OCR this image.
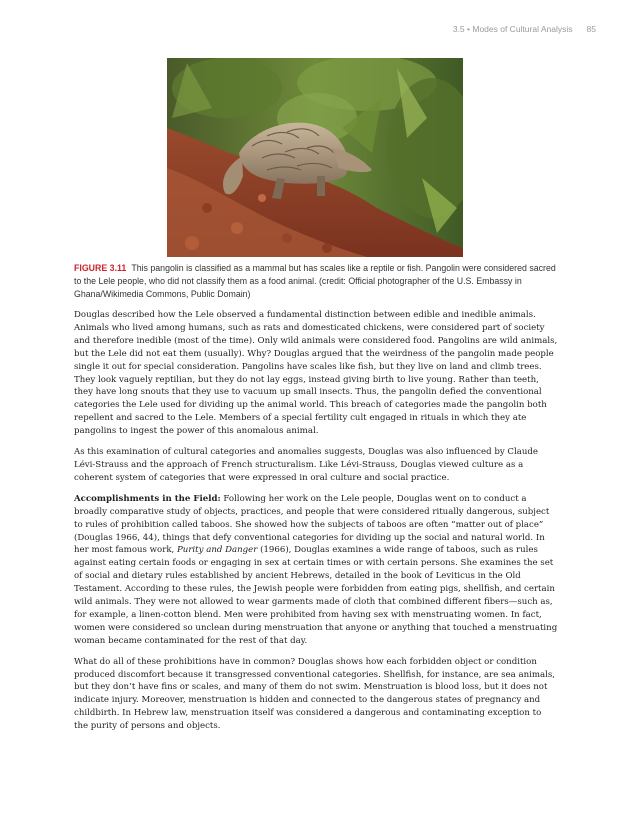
3.5 • Modes of Cultural Analysis 85
FIGURE 3.11 This pangolin is classified as a mammal but has scales like a reptile or fish. Pangolin were considered sacred to the Lele people, who did not classify them as a food animal. (credit: Official photographer of the U.S. Embassy in Ghana/Wikimedia Commons, Public Domain)

Douglas described how the Lele observed a fundamental distinction between edible and inedible animals. Animals who lived among humans, such as rats and domesticated chickens, were considered part of society and therefore inedible (most of the time). Only wild animals were considered food. Pangolins are wild animals, but the Lele did not eat them (usually). Why? Douglas argued that the weirdness of the pangolin made people single it out for special consideration. Pangolins have scales like fish, but they live on land and climb trees. They look vaguely reptilian, but they do not lay eggs, instead giving birth to live young. Rather than teeth, they have long snouts that they use to vacuum up small insects. Thus, the pangolin defied the conventional categories the Lele used for dividing up the animal world. This breach of categories made the pangolin both repellent and sacred to the Lele. Members of a special fertility cult engaged in rituals in which they ate pangolins to ingest the power of this anomalous animal.

As this examination of cultural categories and anomalies suggests, Douglas was also influenced by Claude Lévi-Strauss and the approach of French structuralism. Like Lévi-Strauss, Douglas viewed culture as a coherent system of categories that were expressed in oral culture and social practice.

Accomplishments in the Field: Following her work on the Lele people, Douglas went on to conduct a broadly comparative study of objects, practices, and people that were considered ritually dangerous, subject to rules of prohibition called taboos. She showed how the subjects of taboos are often “matter out of place” (Douglas 1966, 44), things that defy conventional categories for dividing up the social and natural world. In her most famous work, Purity and Danger (1966), Douglas examines a wide range of taboos, such as rules against eating certain foods or engaging in sex at certain times or with certain persons. She examines the set of social and dietary rules established by ancient Hebrews, detailed in the book of Leviticus in the Old Testament. According to these rules, the Jewish people were forbidden from eating pigs, shellfish, and certain wild animals. They were not allowed to wear garments made of cloth that combined different fibers—such as, for example, a linen-cotton blend. Men were prohibited from having sex with menstruating women. In fact, women were considered so unclean during menstruation that anyone or anything that touched a menstruating woman became contaminated for the rest of that day.

What do all of these prohibitions have in common? Douglas shows how each forbidden object or condition produced discomfort because it transgressed conventional categories. Shellfish, for instance, are sea animals, but they don’t have fins or scales, and many of them do not swim. Menstruation is blood loss, but it does not indicate injury. Moreover, menstruation is hidden and connected to the dangerous states of pregnancy and childbirth. In Hebrew law, menstruation itself was considered a dangerous and contaminating exception to the purity of persons and objects.
